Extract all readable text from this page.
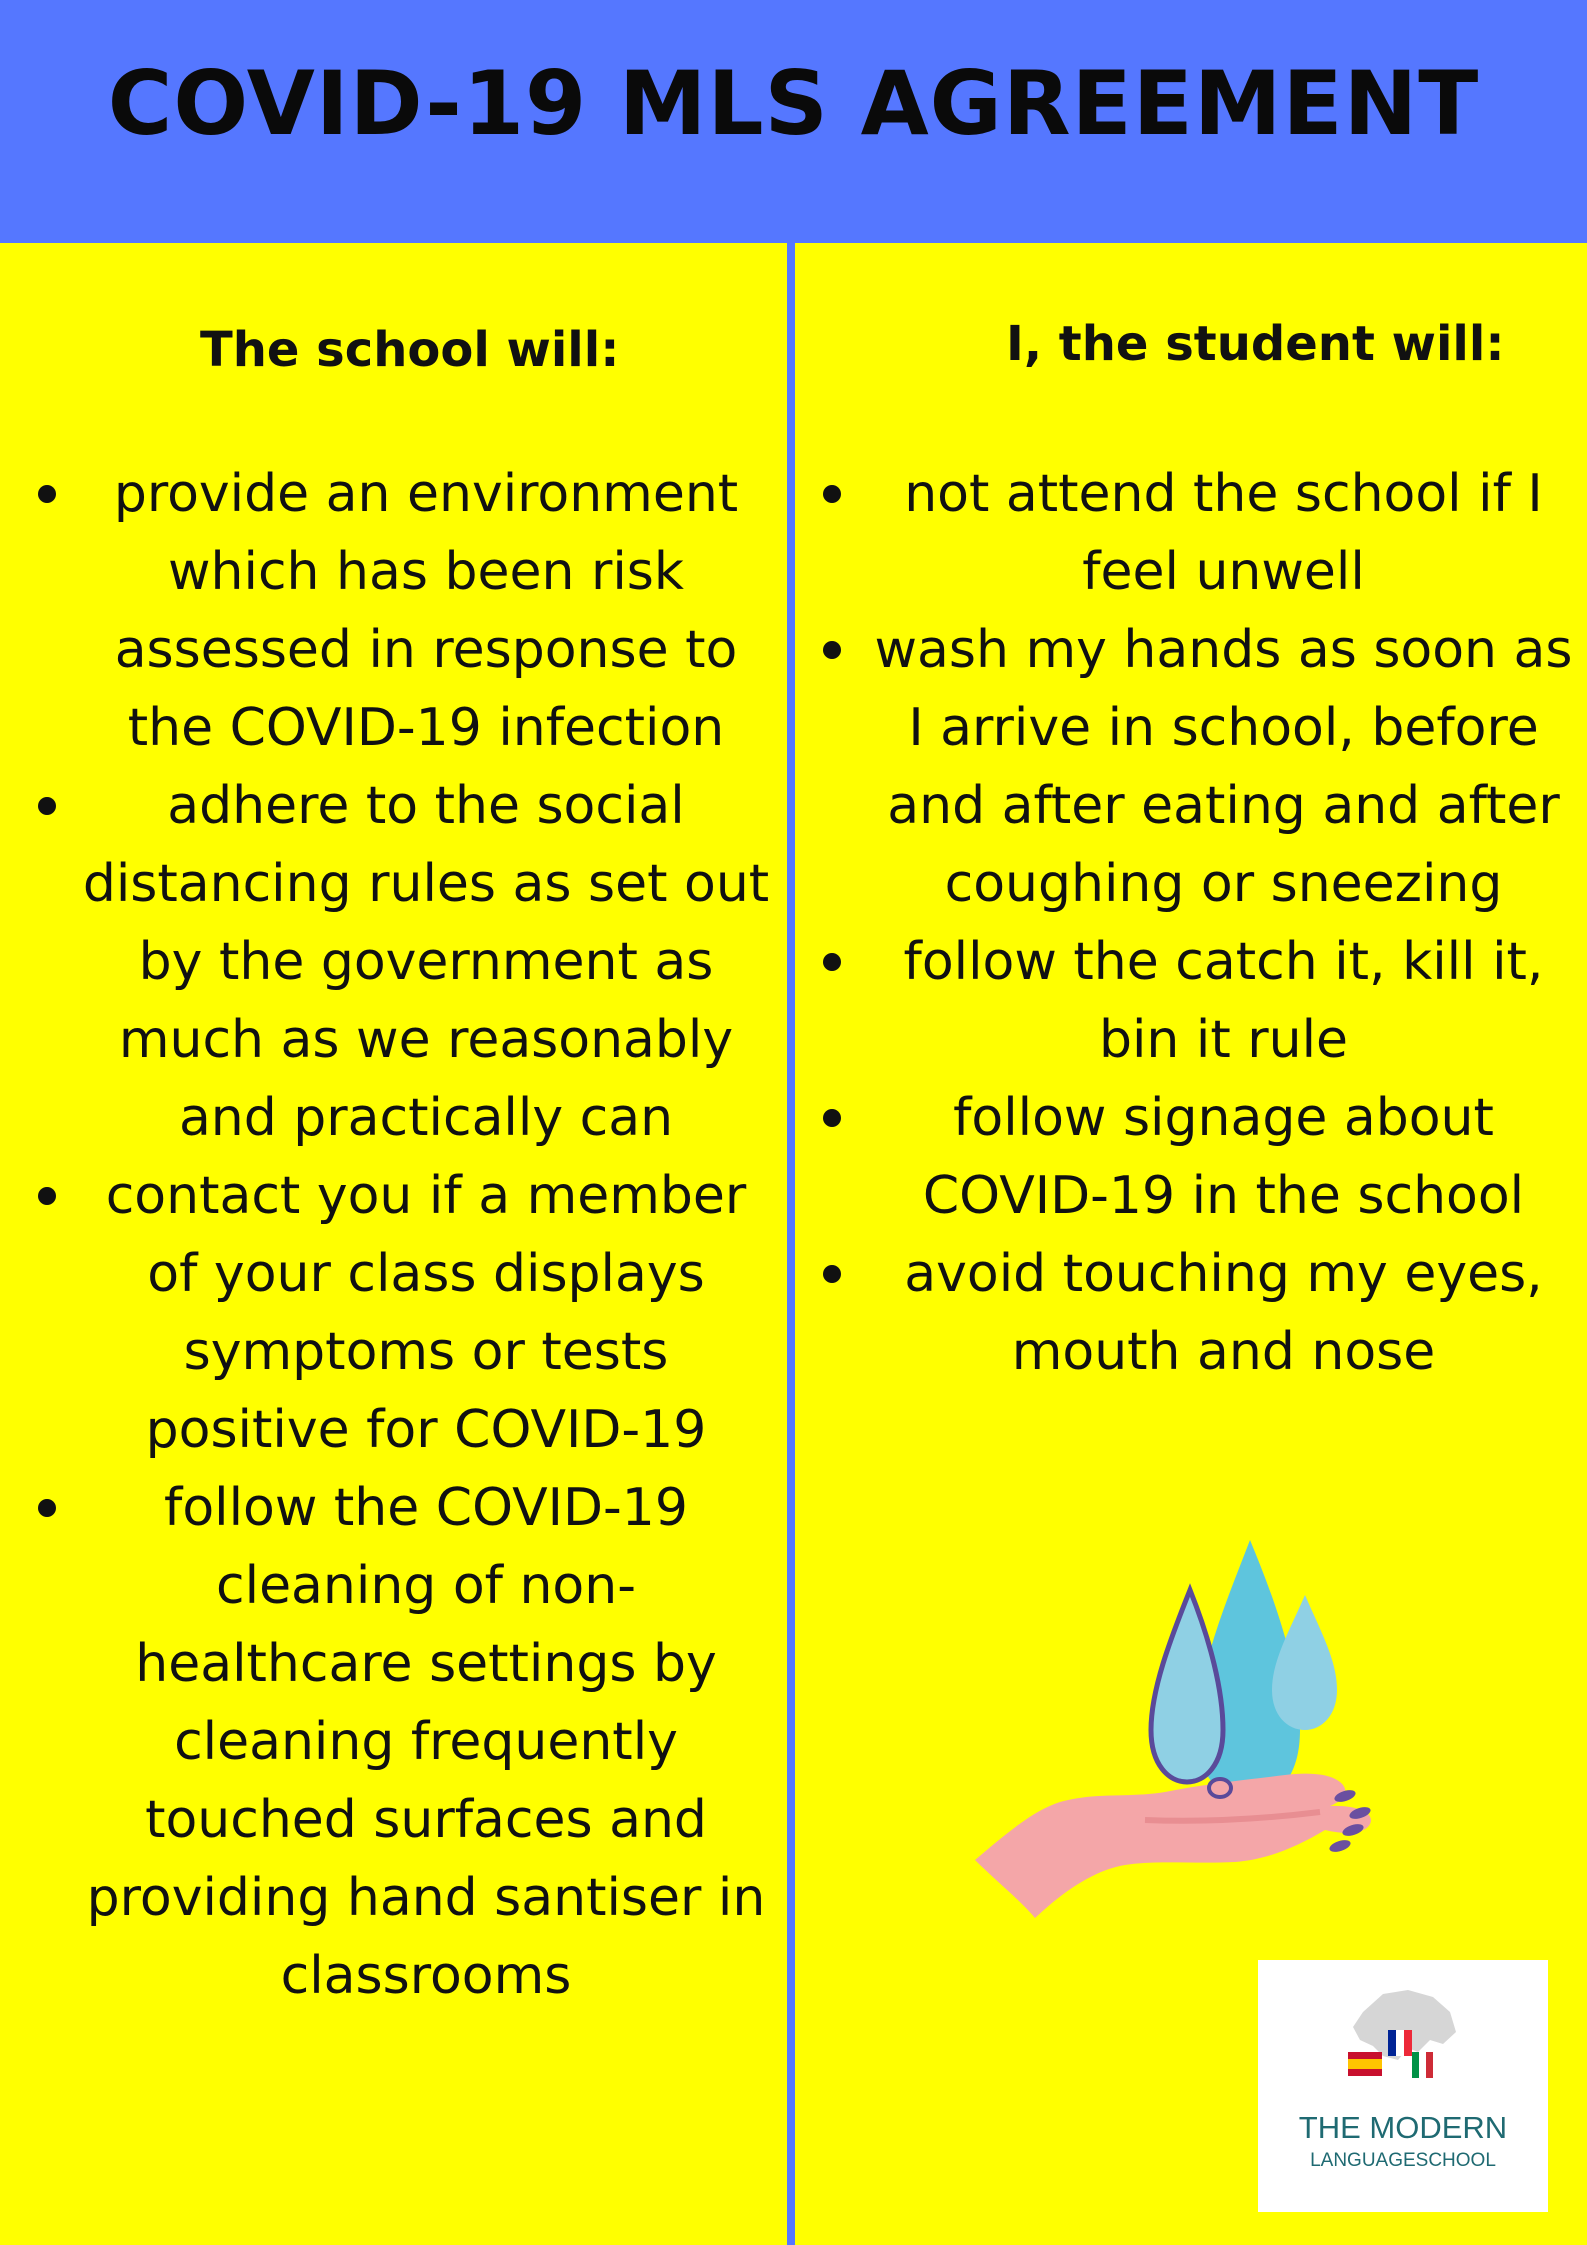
COVID-19 MLS AGREEMENT
The school will:	I, the student will:
provide an environment which has been risk assessed in response to the COVID-19 infection
adhere to the social distancing rules as set out by the government as much as we reasonably and practically can
contact you if a member of your class displays symptoms or tests positive for COVID-19
follow the COVID-19 cleaning of non-healthcare settings by cleaning frequently touched surfaces and providing hand santiser in classrooms
not attend the school if I feel unwell
wash my hands as soon as I arrive in school, before and after eating and after coughing or sneezing
follow the catch it, kill it, bin it rule
follow signage about COVID-19 in the school
avoid touching my eyes, mouth and nose
THE MODERN
LANGUAGESCHOOL
